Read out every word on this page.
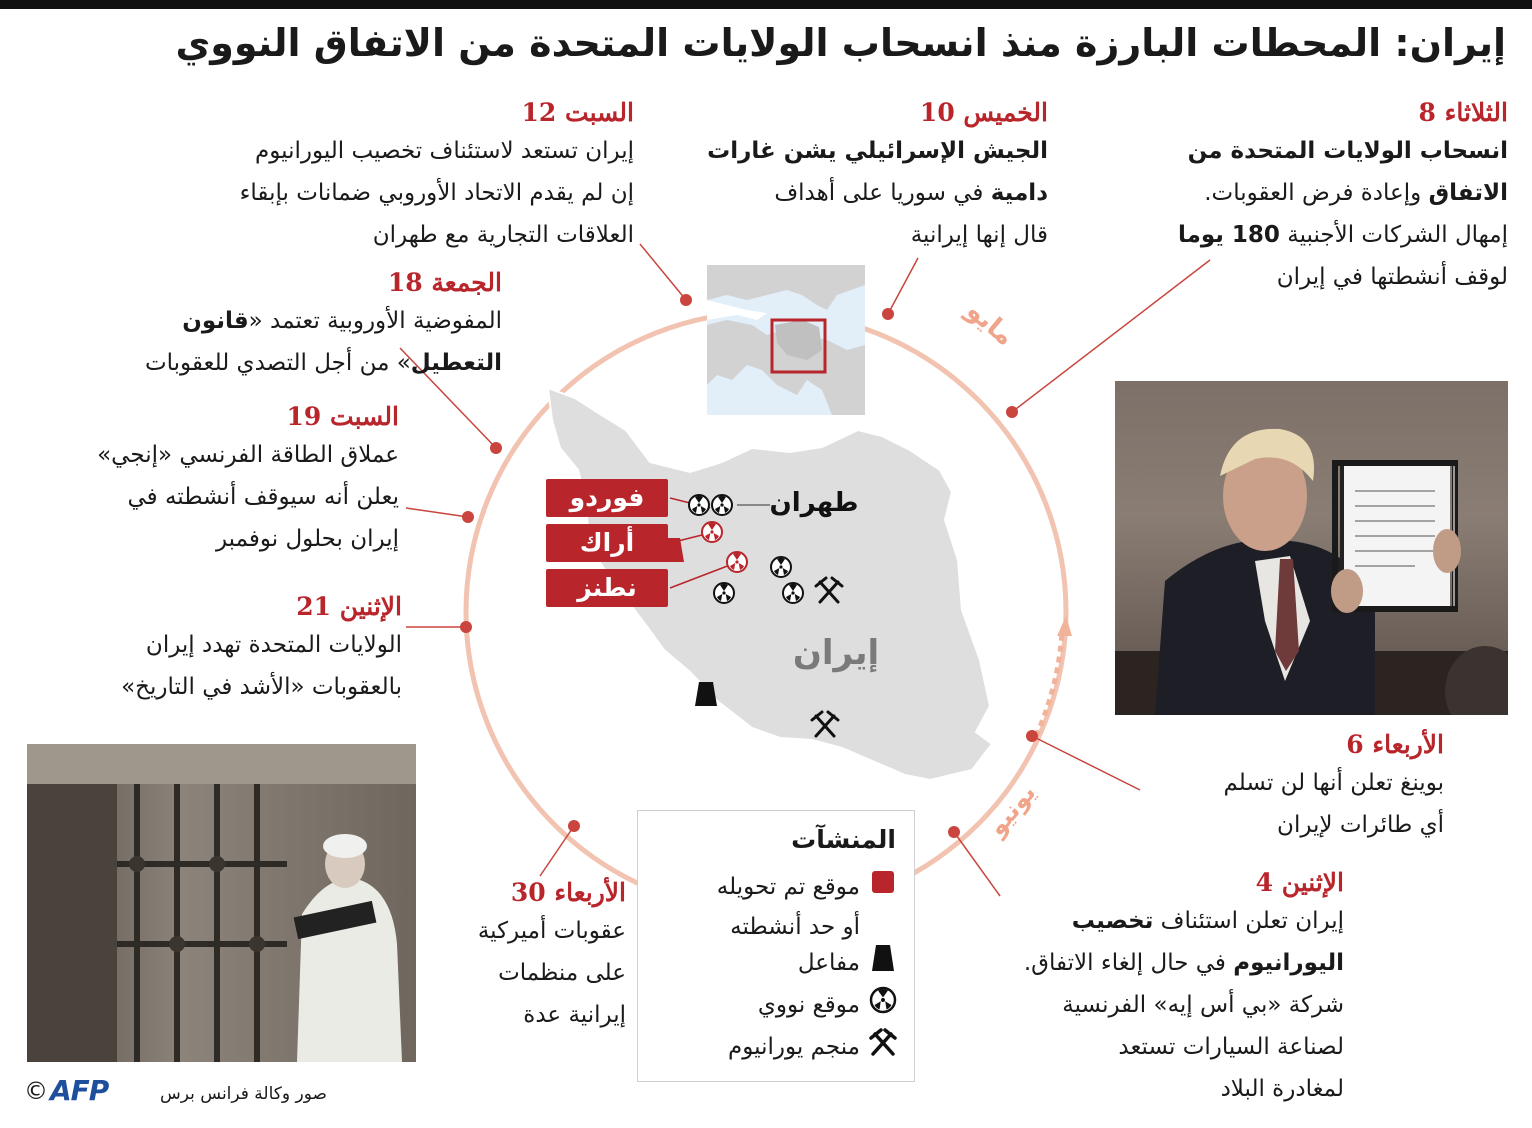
إيران: المحطات البارزة منذ انسحاب الولايات المتحدة من الاتفاق النووي
مايو
يونيو
طهران
إيران
فوردو
أراك
نطنز
الثلاثاء 8
انسحاب الولايات المتحدة من
الاتفاق وإعادة فرض العقوبات.
إمهال الشركات الأجنبية 180 يوما
لوقف أنشطتها في إيران
الخميس 10
الجيش الإسرائيلي يشن غارات
دامية في سوريا على أهداف
قال إنها إيرانية
السبت 12
إيران تستعد لاستئناف تخصيب اليورانيوم
إن لم يقدم الاتحاد الأوروبي ضمانات بإبقاء
العلاقات التجارية مع طهران
الجمعة 18
المفوضية الأوروبية تعتمد «قانون
التعطيل» من أجل التصدي للعقوبات
السبت 19
عملاق الطاقة الفرنسي «إنجي»
يعلن أنه سيوقف أنشطته في
إيران بحلول نوفمبر
الإثنين 21
الولايات المتحدة تهدد إيران
بالعقوبات «الأشد في التاريخ»
الأربعاء 30
عقوبات أميركية
على منظمات
إيرانية عدة
الإثنين 4
إيران تعلن استئناف تخصيب
اليورانيوم في حال إلغاء الاتفاق.
شركة «بي أس إيه» الفرنسية
لصناعة السيارات تستعد
لمغادرة البلاد
الأربعاء 6
بوينغ تعلن أنها لن تسلم
أي طائرات لإيران
المنشآت
موقع تم تحويله
أو حد أنشطته
مفاعل
موقع نووي
منجم يورانيوم
© AFP	صور وكالة فرانس برس
